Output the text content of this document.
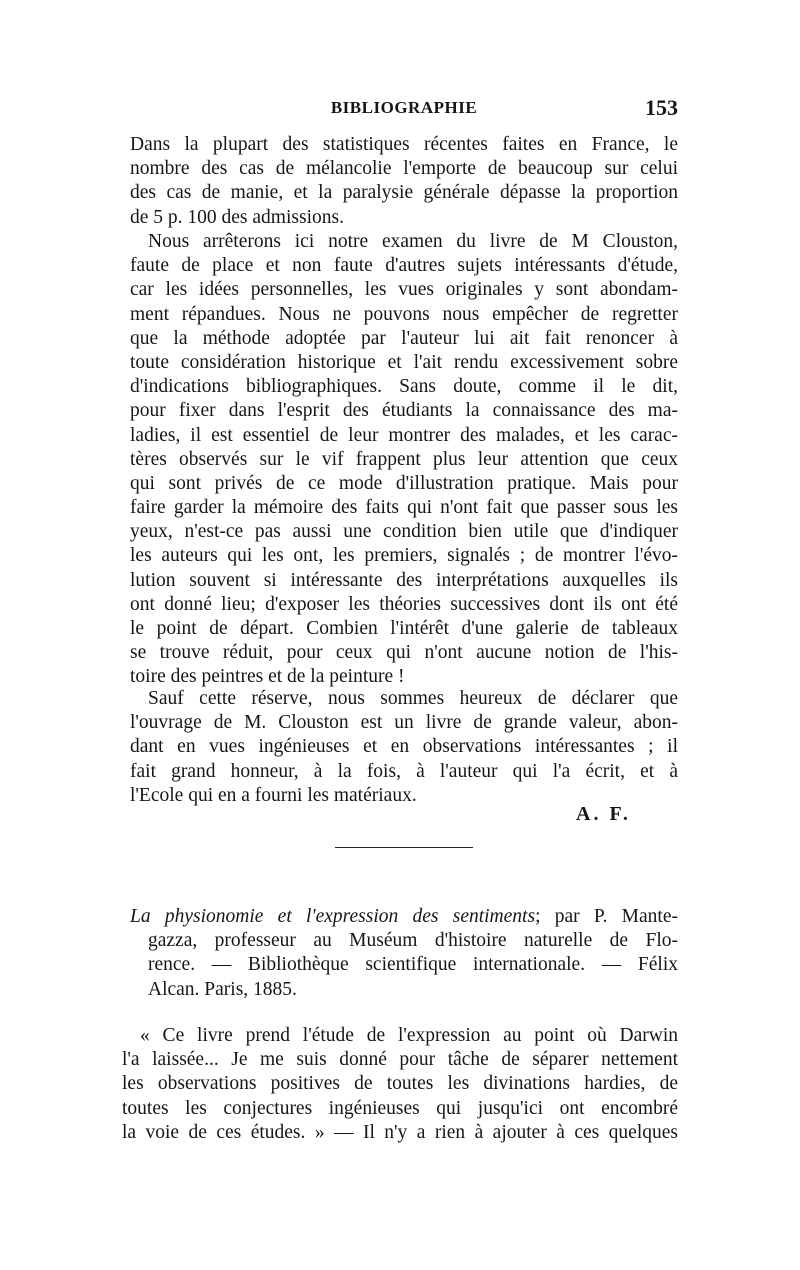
BIBLIOGRAPHIE	153
Dans la plupart des statistiques récentes faites en France, le
nombre des cas de mélancolie l'emporte de beaucoup sur celui
des cas de manie, et la paralysie générale dépasse la proportion
de 5 p. 100 des admissions.
Nous arrêterons ici notre examen du livre de M Clouston,
faute de place et non faute d'autres sujets intéressants d'étude,
car les idées personnelles, les vues originales y sont abondam-
ment répandues. Nous ne pouvons nous empêcher de regretter
que la méthode adoptée par l'auteur lui ait fait renoncer à
toute considération historique et l'ait rendu excessivement sobre
d'indications bibliographiques. Sans doute, comme il le dit,
pour fixer dans l'esprit des étudiants la connaissance des ma-
ladies, il est essentiel de leur montrer des malades, et les carac-
tères observés sur le vif frappent plus leur attention que ceux
qui sont privés de ce mode d'illustration pratique. Mais pour
faire garder la mémoire des faits qui n'ont fait que passer sous les
yeux, n'est-ce pas aussi une condition bien utile que d'indiquer
les auteurs qui les ont, les premiers, signalés ; de montrer l'évo-
lution souvent si intéressante des interprétations auxquelles ils
ont donné lieu; d'exposer les théories successives dont ils ont été
le point de départ. Combien l'intérêt d'une galerie de tableaux
se trouve réduit, pour ceux qui n'ont aucune notion de l'his-
toire des peintres et de la peinture !
Sauf cette réserve, nous sommes heureux de déclarer que
l'ouvrage de M. Clouston est un livre de grande valeur, abon-
dant en vues ingénieuses et en observations intéressantes ; il
fait grand honneur, à la fois, à l'auteur qui l'a écrit, et à
l'Ecole qui en a fourni les matériaux.
A. F.
La physionomie et l'expression des sentiments; par P. Mante-
gazza, professeur au Muséum d'histoire naturelle de Flo-
rence. — Bibliothèque scientifique internationale. — Félix
Alcan. Paris, 1885.
« Ce livre prend l'étude de l'expression au point où Darwin
l'a laissée... Je me suis donné pour tâche de séparer nettement
les observations positives de toutes les divinations hardies, de
toutes les conjectures ingénieuses qui jusqu'ici ont encombré
la voie de ces études. » — Il n'y a rien à ajouter à ces quelques
